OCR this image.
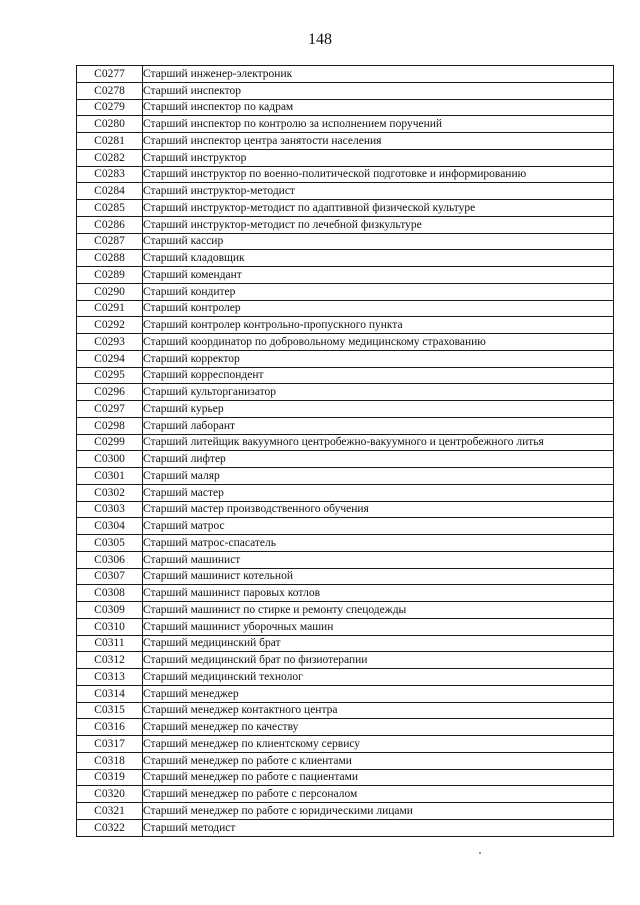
148
С0277	Старший инженер-электроник
С0278	Старший инспектор
С0279	Старший инспектор по кадрам
С0280	Старший инспектор по контролю за исполнением поручений
С0281	Старший инспектор центра занятости населения
С0282	Старший инструктор
С0283	Старший инструктор по военно-политической подготовке и информированию
С0284	Старший инструктор-методист
С0285	Старший инструктор-методист по адаптивной физической культуре
С0286	Старший инструктор-методист по лечебной физкультуре
С0287	Старший кассир
С0288	Старший кладовщик
С0289	Старший комендант
С0290	Старший кондитер
С0291	Старший контролер
С0292	Старший контролер контрольно-пропускного пункта
С0293	Старший координатор по добровольному медицинскому страхованию
С0294	Старший корректор
С0295	Старший корреспондент
С0296	Старший культорганизатор
С0297	Старший курьер
С0298	Старший лаборант
С0299	Старший литейщик вакуумного центробежно-вакуумного и центробежного литья
С0300	Старший лифтер
С0301	Старший маляр
С0302	Старший мастер
С0303	Старший мастер производственного обучения
С0304	Старший матрос
С0305	Старший матрос-спасатель
С0306	Старший машинист
С0307	Старший машинист котельной
С0308	Старший машинист паровых котлов
С0309	Старший машинист по стирке и ремонту спецодежды
С0310	Старший машинист уборочных машин
С0311	Старший медицинский брат
С0312	Старший медицинский брат по физиотерапии
С0313	Старший медицинский технолог
С0314	Старший менеджер
С0315	Старший менеджер контактного центра
С0316	Старший менеджер по качеству
С0317	Старший менеджер по клиентскому сервису
С0318	Старший менеджер по работе с клиентами
С0319	Старший менеджер по работе с пациентами
С0320	Старший менеджер по работе с персоналом
С0321	Старший менеджер по работе с юридическими лицами
С0322	Старший методист
